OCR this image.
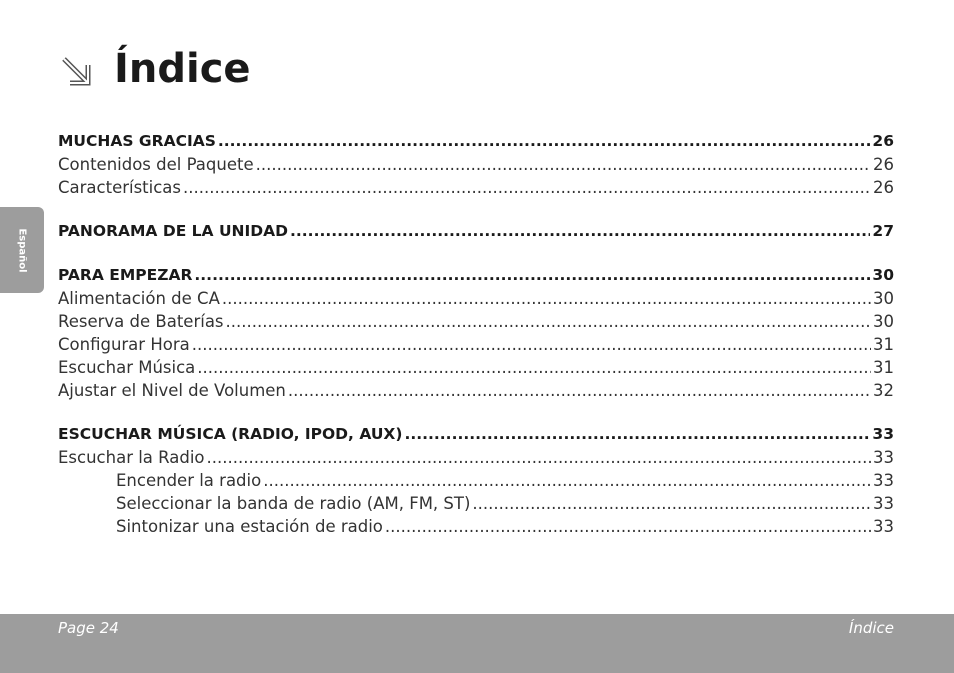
Índice
Español
MUCHAS GRACIAS .....	26
Contenidos del Paquete .....	26
Características .....	26
PANORAMA DE LA UNIDAD .....	27
PARA EMPEZAR .....	30
Alimentación de CA .....	30
Reserva de Baterías .....	30
Configurar Hora .....	31
Escuchar Música .....	31
Ajustar el Nivel de Volumen .....	32
ESCUCHAR MÚSICA (RADIO, IPOD, AUX) .....	33
Escuchar la Radio .....	33
Encender la radio .....	33
Seleccionar la banda de radio (AM, FM, ST) .....	33
Sintonizar una estación de radio .....	33
Page 24	Índice
